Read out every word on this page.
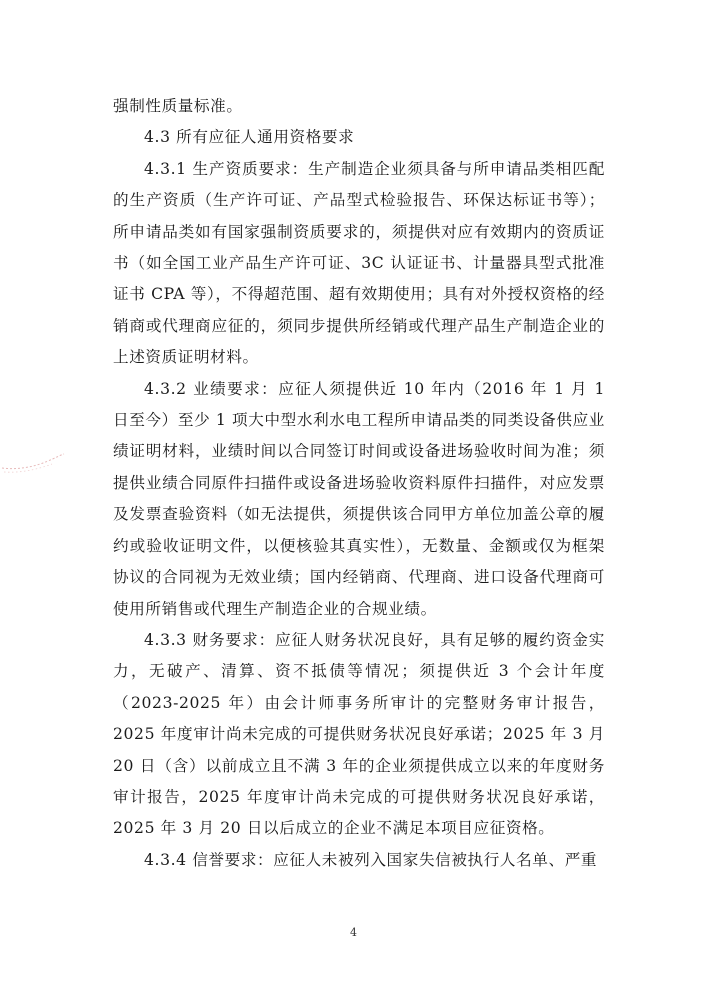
强制性质量标准。

4.3 所有应征人通用资格要求

4.3.1 生产资质要求：生产制造企业须具备与所申请品类相匹配的生产资质（生产许可证、产品型式检验报告、环保达标证书等）；所申请品类如有国家强制资质要求的，须提供对应有效期内的资质证书（如全国工业产品生产许可证、3C 认证证书、计量器具型式批准证书 CPA 等），不得超范围、超有效期使用；具有对外授权资格的经销商或代理商应征的，须同步提供所经销或代理产品生产制造企业的上述资质证明材料。

4.3.2 业绩要求：应征人须提供近 10 年内（2016 年 1 月 1 日至今）至少 1 项大中型水利水电工程所申请品类的同类设备供应业绩证明材料，业绩时间以合同签订时间或设备进场验收时间为准；须提供业绩合同原件扫描件或设备进场验收资料原件扫描件，对应发票及发票查验资料（如无法提供，须提供该合同甲方单位加盖公章的履约或验收证明文件，以便核验其真实性），无数量、金额或仅为框架协议的合同视为无效业绩；国内经销商、代理商、进口设备代理商可使用所销售或代理生产制造企业的合规业绩。

4.3.3 财务要求：应征人财务状况良好，具有足够的履约资金实力，无破产、清算、资不抵债等情况；须提供近 3 个会计年度（2023-2025 年）由会计师事务所审计的完整财务审计报告，2025 年度审计尚未完成的可提供财务状况良好承诺；2025 年 3 月 20 日（含）以前成立且不满 3 年的企业须提供成立以来的年度财务审计报告，2025 年度审计尚未完成的可提供财务状况良好承诺，2025 年 3 月 20 日以后成立的企业不满足本项目应征资格。

4.3.4 信誉要求：应征人未被列入国家失信被执行人名单、严重

4
